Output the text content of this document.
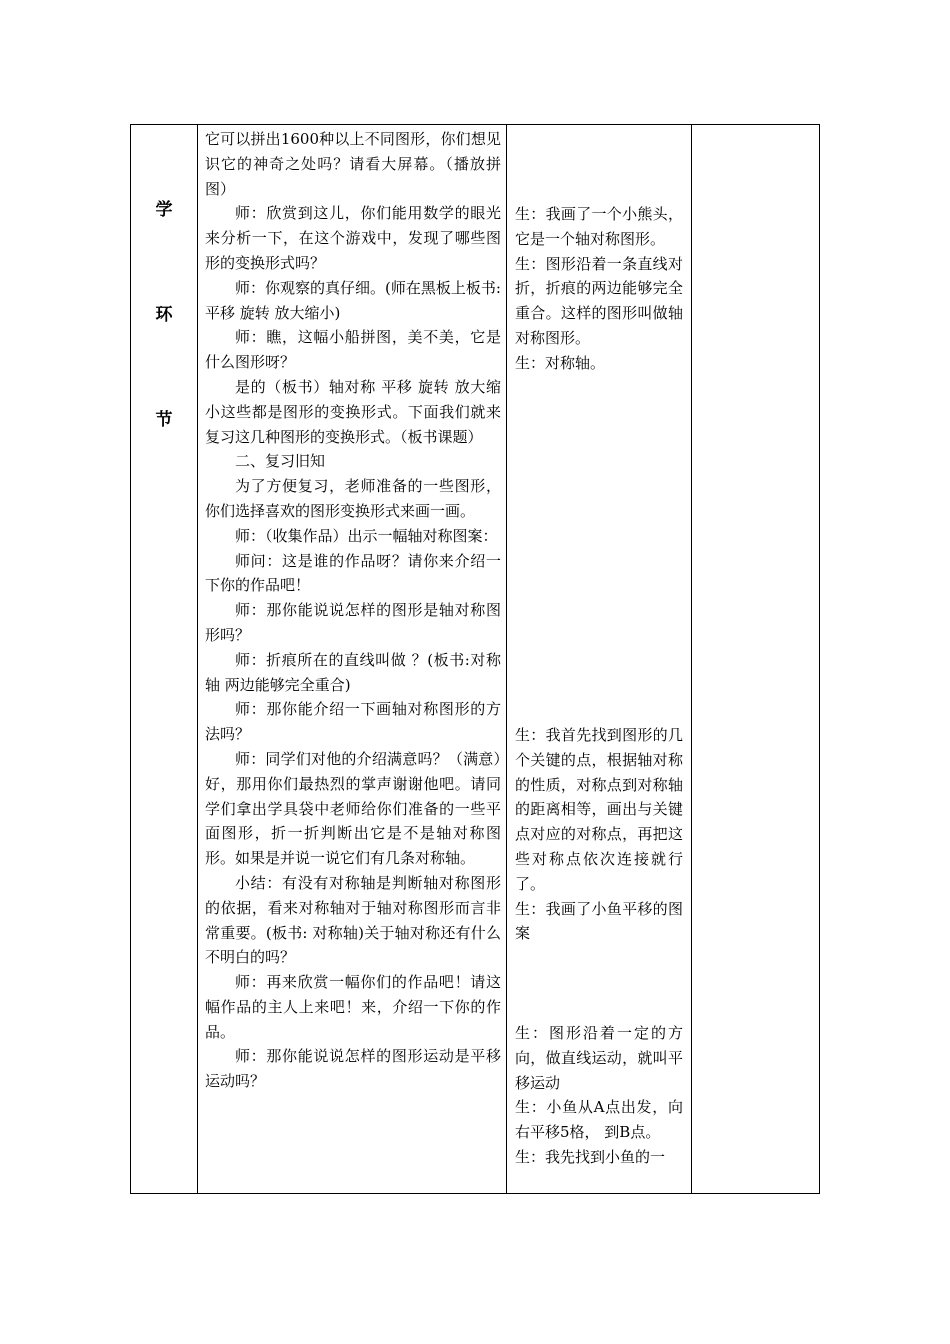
学
环
节

它可以拼出1600种以上不同图形，你们想见识它的神奇之处吗？请看大屏幕。（播放拼图）

师：欣赏到这儿，你们能用数学的眼光来分析一下，在这个游戏中，发现了哪些图形的变换形式吗？

师：你观察的真仔细。(师在黑板上板书:平移 旋转 放大缩小)

师：瞧，这幅小船拼图，美不美，它是什么图形呀？

是的（板书）轴对称 平移 旋转 放大缩小这些都是图形的变换形式。下面我们就来复习这几种图形的变换形式。（板书课题）

二、复习旧知

为了方便复习，老师准备的一些图形，你们选择喜欢的图形变换形式来画一画。

师：（收集作品）出示一幅轴对称图案：

师问：这是谁的作品呀？请你来介绍一下你的作品吧！

师：那你能说说怎样的图形是轴对称图形吗？

师：折痕所在的直线叫做 ？(板书:对称轴 两边能够完全重合)

师：那你能介绍一下画轴对称图形的方法吗？

师：同学们对他的介绍满意吗？（满意）好，那用你们最热烈的掌声谢谢他吧。请同学们拿出学具袋中老师给你们准备的一些平面图形，折一折判断出它是不是轴对称图形。如果是并说一说它们有几条对称轴。

小结：有没有对称轴是判断轴对称图形的依据，看来对称轴对于轴对称图形而言非常重要。(板书: 对称轴)关于轴对称还有什么不明白的吗？

师：再来欣赏一幅你们的作品吧！请这幅作品的主人上来吧！来，介绍一下你的作品。

师：那你能说说怎样的图形运动是平移运动吗？

生：我画了一个小熊头，它是一个轴对称图形。

生：图形沿着一条直线对折，折痕的两边能够完全重合。这样的图形叫做轴对称图形。

生：对称轴。

生：我首先找到图形的几个关键的点，根据轴对称的性质，对称点到对称轴的距离相等，画出与关键点对应的对称点，再把这些对称点依次连接就行了。

生：我画了小鱼平移的图案

生：图形沿着一定的方向，做直线运动，就叫平移运动

生：小鱼从A点出发，向右平移5格， 到B点。

生：我先找到小鱼的一
